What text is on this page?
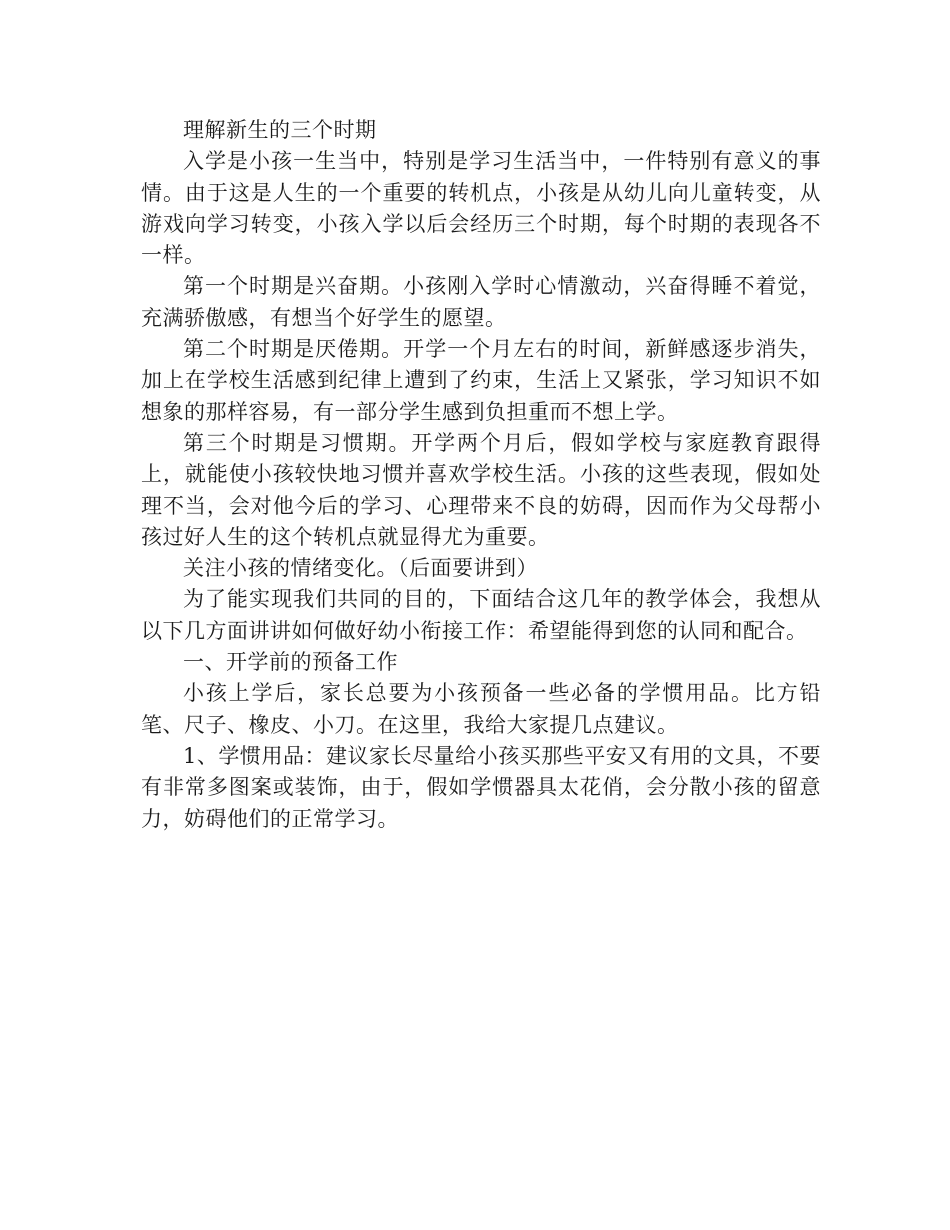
理解新生的三个时期

入学是小孩一生当中，特别是学习生活当中，一件特别有意义的事情。由于这是人生的一个重要的转机点，小孩是从幼儿向儿童转变，从游戏向学习转变，小孩入学以后会经历三个时期，每个时期的表现各不一样。

第一个时期是兴奋期。小孩刚入学时心情激动，兴奋得睡不着觉，充满骄傲感，有想当个好学生的愿望。

第二个时期是厌倦期。开学一个月左右的时间，新鲜感逐步消失，加上在学校生活感到纪律上遭到了约束，生活上又紧张，学习知识不如想象的那样容易，有一部分学生感到负担重而不想上学。

第三个时期是习惯期。开学两个月后，假如学校与家庭教育跟得上，就能使小孩较快地习惯并喜欢学校生活。小孩的这些表现，假如处理不当，会对他今后的学习、心理带来不良的妨碍，因而作为父母帮小孩过好人生的这个转机点就显得尤为重要。

关注小孩的情绪变化。（后面要讲到）

为了能实现我们共同的目的，下面结合这几年的教学体会，我想从以下几方面讲讲如何做好幼小衔接工作：希望能得到您的认同和配合。

一、开学前的预备工作

小孩上学后，家长总要为小孩预备一些必备的学惯用品。比方铅笔、尺子、橡皮、小刀。在这里，我给大家提几点建议。

1、学惯用品：建议家长尽量给小孩买那些平安又有用的文具，不要有非常多图案或装饰，由于，假如学惯器具太花俏，会分散小孩的留意力，妨碍他们的正常学习。
